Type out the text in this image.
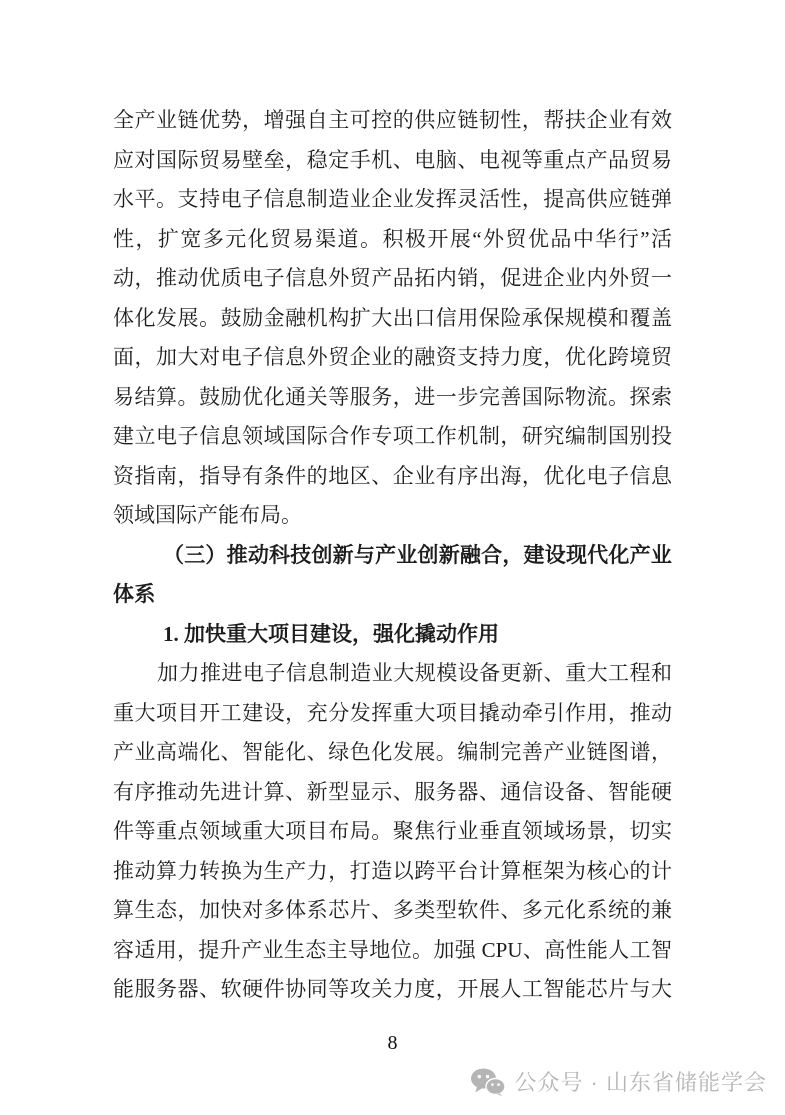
全产业链优势，增强自主可控的供应链韧性，帮扶企业有效
应对国际贸易壁垒，稳定手机、电脑、电视等重点产品贸易
水平。支持电子信息制造业企业发挥灵活性，提高供应链弹
性，扩宽多元化贸易渠道。积极开展“外贸优品中华行”活
动，推动优质电子信息外贸产品拓内销，促进企业内外贸一
体化发展。鼓励金融机构扩大出口信用保险承保规模和覆盖
面，加大对电子信息外贸企业的融资支持力度，优化跨境贸
易结算。鼓励优化通关等服务，进一步完善国际物流。探索
建立电子信息领域国际合作专项工作机制，研究编制国别投
资指南，指导有条件的地区、企业有序出海，优化电子信息
领域国际产能布局。
（三）推动科技创新与产业创新融合，建设现代化产业
体系
1. 加快重大项目建设，强化撬动作用
加力推进电子信息制造业大规模设备更新、重大工程和
重大项目开工建设，充分发挥重大项目撬动牵引作用，推动
产业高端化、智能化、绿色化发展。编制完善产业链图谱，
有序推动先进计算、新型显示、服务器、通信设备、智能硬
件等重点领域重大项目布局。聚焦行业垂直领域场景，切实
推动算力转换为生产力，打造以跨平台计算框架为核心的计
算生态，加快对多体系芯片、多类型软件、多元化系统的兼
容适用，提升产业生态主导地位。加强 CPU、高性能人工智
能服务器、软硬件协同等攻关力度，开展人工智能芯片与大
8
公众号 · 山东省储能学会
